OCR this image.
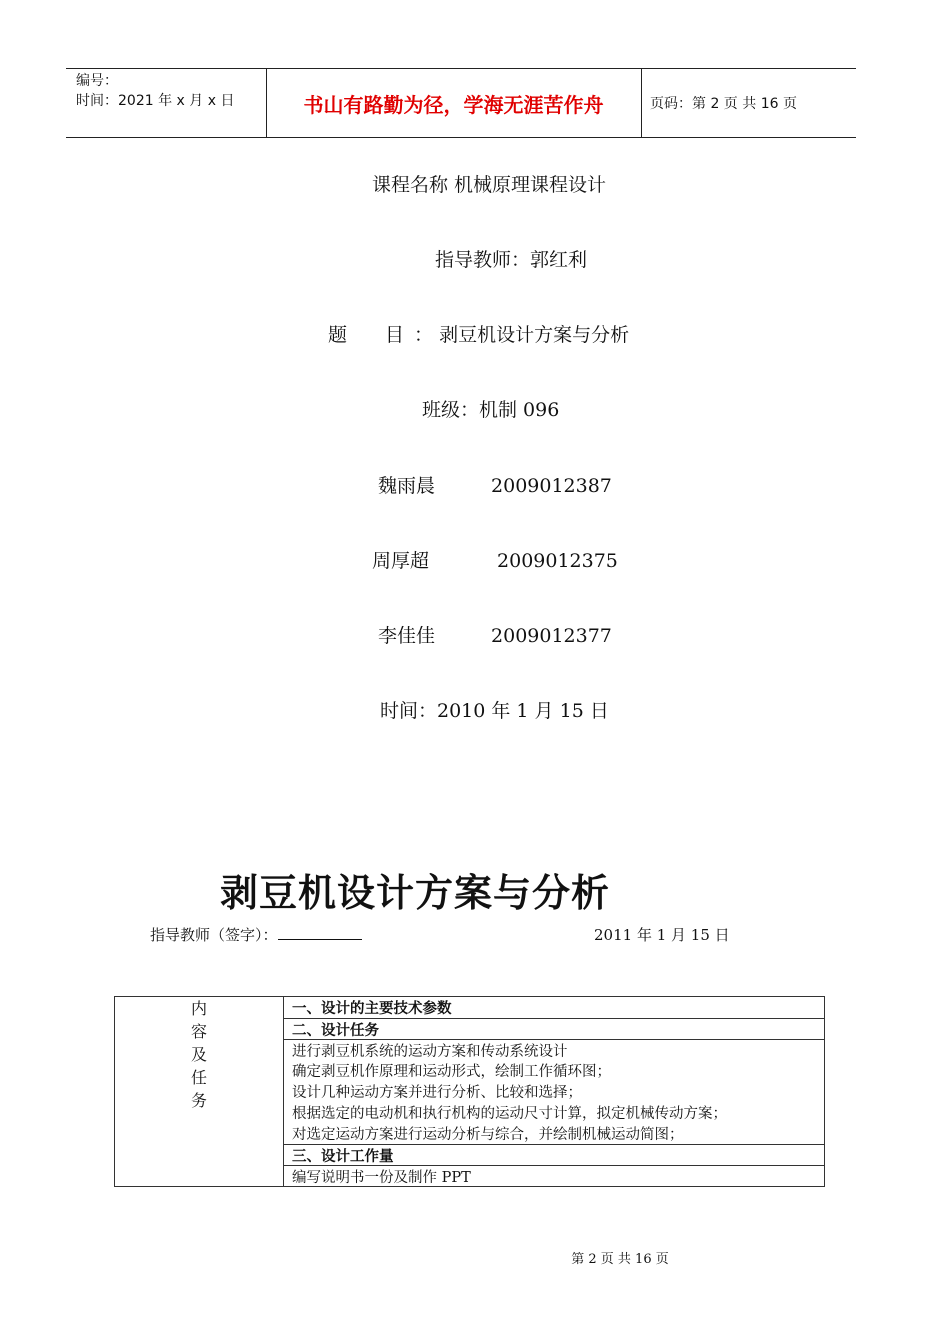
编号：
时间：2021 年 x 月 x 日	书山有路勤为径，学海无涯苦作舟	页码：第 2 页 共 16 页
课程名称 机械原理课程设计
指导教师：郭红利
题 目 ： 剥豆机设计方案与分析
班级：机制 096
魏雨晨	2009012387
周厚超	2009012375
李佳佳	2009012377
时间：2010 年 1 月 15 日
剥豆机设计方案与分析
指导教师（签字）：	2011 年 1 月 15 日
内
容
及
任
务

一、设计的主要技术参数
二、设计任务
进行剥豆机系统的运动方案和传动系统设计
确定剥豆机作原理和运动形式，绘制工作循环图；
设计几种运动方案并进行分析、比较和选择；
根据选定的电动机和执行机构的运动尺寸计算，拟定机械传动方案；
对选定运动方案进行运动分析与综合，并绘制机械运动简图；
三、设计工作量
编写说明书一份及制作 PPT
第 2 页 共 16 页
